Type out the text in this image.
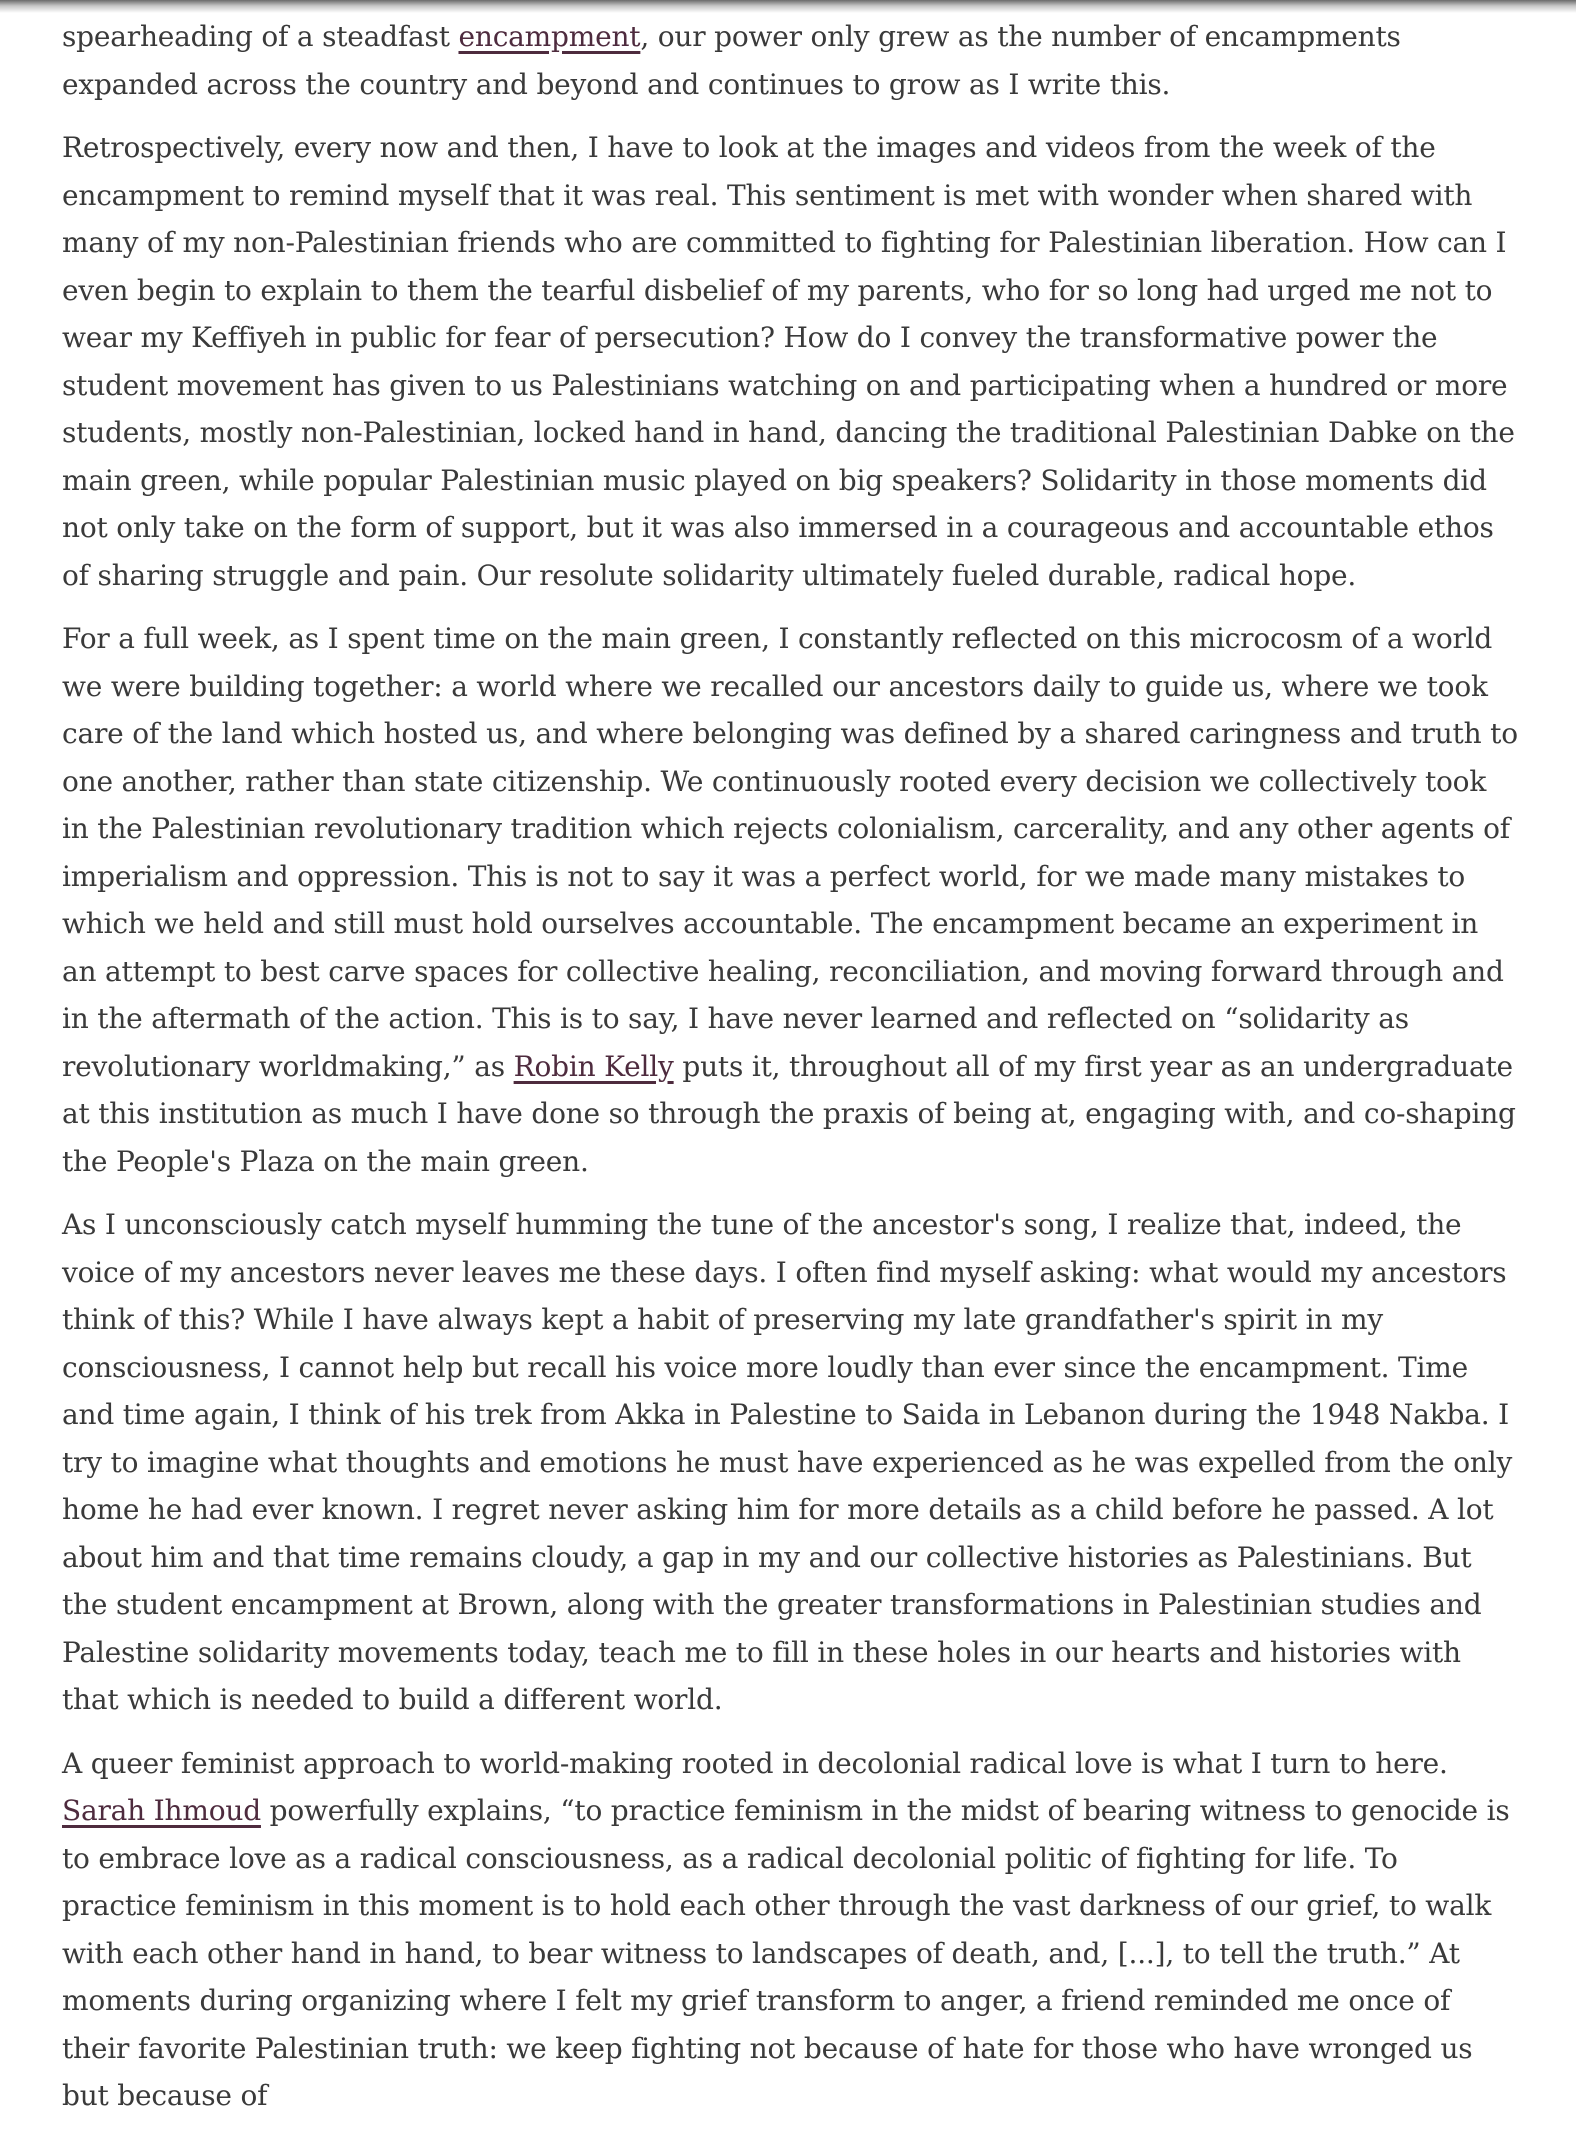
spearheading of a steadfast encampment, our power only grew as the number of encampments expanded across the country and beyond and continues to grow as I write this.

Retrospectively, every now and then, I have to look at the images and videos from the week of the encampment to remind myself that it was real. This sentiment is met with wonder when shared with many of my non-Palestinian friends who are committed to fighting for Palestinian liberation. How can I even begin to explain to them the tearful disbelief of my parents, who for so long had urged me not to wear my Keffiyeh in public for fear of persecution? How do I convey the transformative power the student movement has given to us Palestinians watching on and participating when a hundred or more students, mostly non-Palestinian, locked hand in hand, dancing the traditional Palestinian Dabke on the main green, while popular Palestinian music played on big speakers? Solidarity in those moments did not only take on the form of support, but it was also immersed in a courageous and accountable ethos of sharing struggle and pain. Our resolute solidarity ultimately fueled durable, radical hope.

For a full week, as I spent time on the main green, I constantly reflected on this microcosm of a world we were building together: a world where we recalled our ancestors daily to guide us, where we took care of the land which hosted us, and where belonging was defined by a shared caringness and truth to one another, rather than state citizenship. We continuously rooted every decision we collectively took in the Palestinian revolutionary tradition which rejects colonialism, carcerality, and any other agents of imperialism and oppression. This is not to say it was a perfect world, for we made many mistakes to which we held and still must hold ourselves accountable. The encampment became an experiment in an attempt to best carve spaces for collective healing, reconciliation, and moving forward through and in the aftermath of the action. This is to say, I have never learned and reflected on “solidarity as revolutionary worldmaking,” as Robin Kelly puts it, throughout all of my first year as an undergraduate at this institution as much I have done so through the praxis of being at, engaging with, and co-shaping the People's Plaza on the main green.

As I unconsciously catch myself humming the tune of the ancestor's song, I realize that, indeed, the voice of my ancestors never leaves me these days. I often find myself asking: what would my ancestors think of this? While I have always kept a habit of preserving my late grandfather's spirit in my consciousness, I cannot help but recall his voice more loudly than ever since the encampment. Time and time again, I think of his trek from Akka in Palestine to Saida in Lebanon during the 1948 Nakba. I try to imagine what thoughts and emotions he must have experienced as he was expelled from the only home he had ever known. I regret never asking him for more details as a child before he passed. A lot about him and that time remains cloudy, a gap in my and our collective histories as Palestinians. But the student encampment at Brown, along with the greater transformations in Palestinian studies and Palestine solidarity movements today, teach me to fill in these holes in our hearts and histories with that which is needed to build a different world.

A queer feminist approach to world-making rooted in decolonial radical love is what I turn to here. Sarah Ihmoud powerfully explains, “to practice feminism in the midst of bearing witness to genocide is to embrace love as a radical consciousness, as a radical decolonial politic of fighting for life. To practice feminism in this moment is to hold each other through the vast darkness of our grief, to walk with each other hand in hand, to bear witness to landscapes of death, and, [...], to tell the truth.” At moments during organizing where I felt my grief transform to anger, a friend reminded me once of their favorite Palestinian truth: we keep fighting not because of hate for those who have wronged us but because of
